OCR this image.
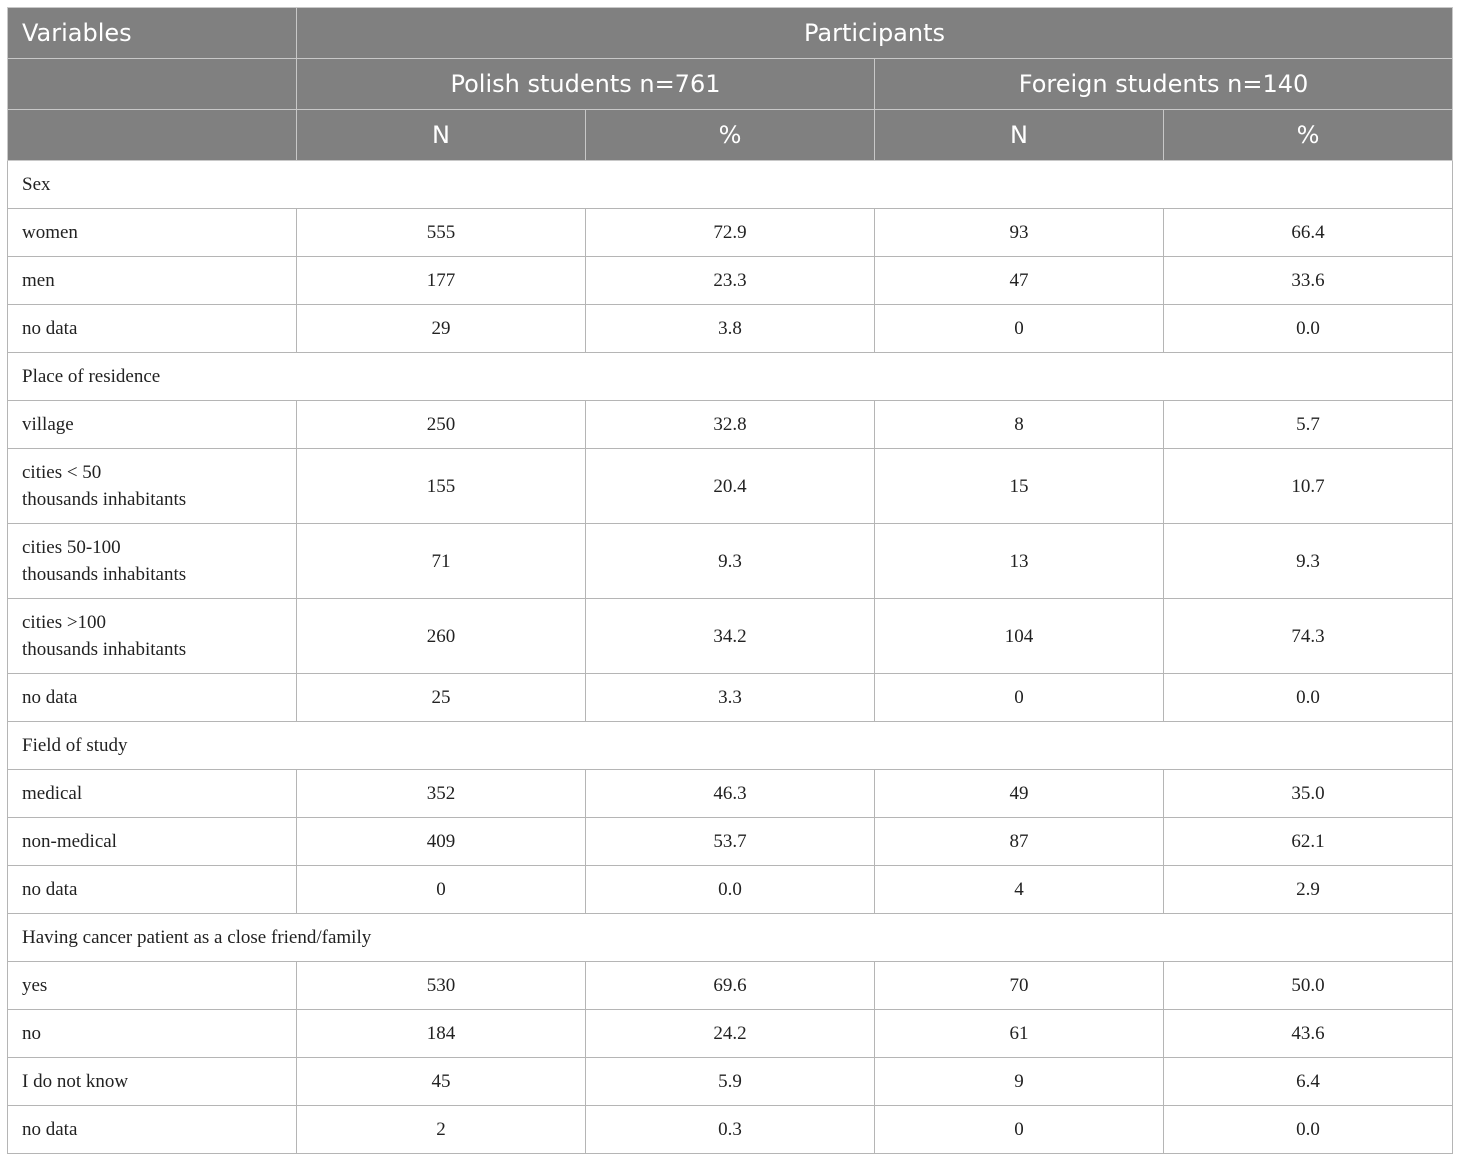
Variables	Participants			
	Polish students n=761		Foreign students n=140	
	N	%	N	%
Sex				
women	555	72.9	93	66.4
men	177	23.3	47	33.6
no data	29	3.8	0	0.0
Place of residence				
village	250	32.8	8	5.7
cities < 50
thousands inhabitants	155	20.4	15	10.7
cities 50-100
thousands inhabitants	71	9.3	13	9.3
cities >100
thousands inhabitants	260	34.2	104	74.3
no data	25	3.3	0	0.0
Field of study				
medical	352	46.3	49	35.0
non-medical	409	53.7	87	62.1
no data	0	0.0	4	2.9
Having cancer patient as a close friend/family				
yes	530	69.6	70	50.0
no	184	24.2	61	43.6
I do not know	45	5.9	9	6.4
no data	2	0.3	0	0.0
